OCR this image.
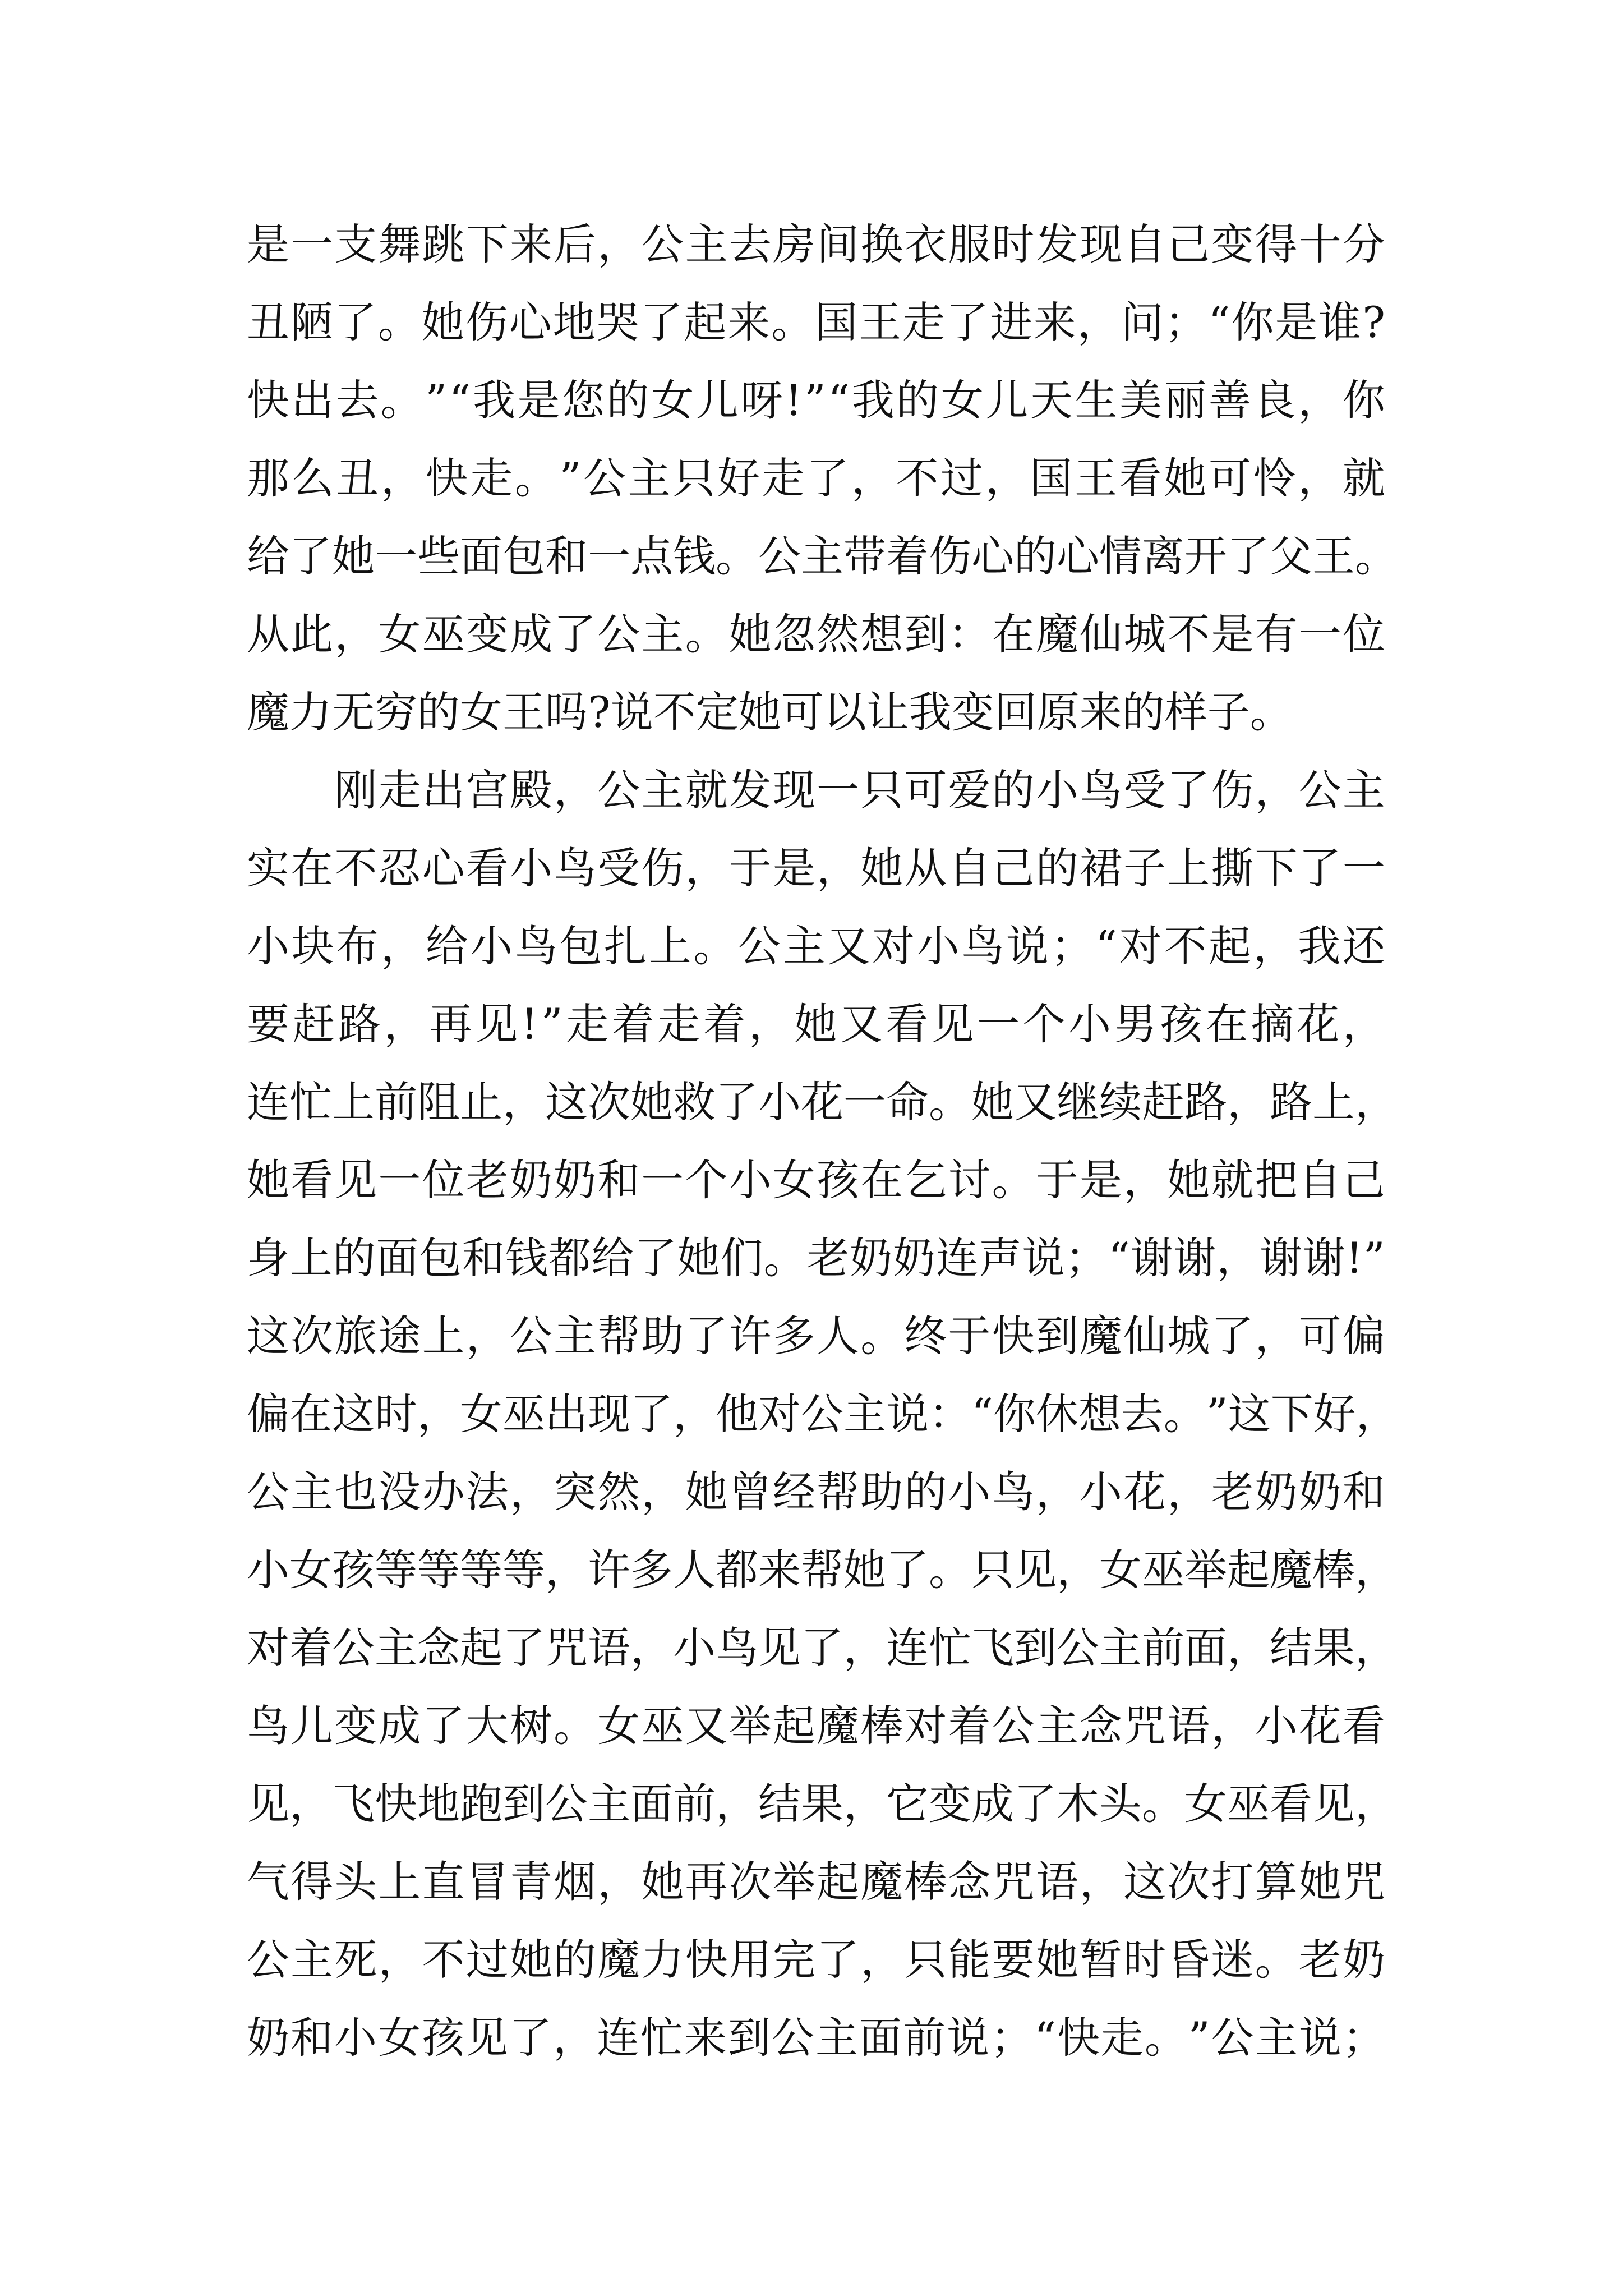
是 一 支 舞 跳 下 来 后 ， 公 主 去 房 间 换 衣 服 时 发 现 自 己 变 得 十 分
丑 陋 了 。 她 伤 心 地 哭 了 起 来 。 国 王 走 了 进 来 ， 问 ； “ 你 是 谁 ?
快 出 去 。 ” “ 我 是 您 的 女 儿 呀 ! ” “ 我 的 女 儿 天 生 美 丽 善 良 ， 你
那 么 丑 ， 快 走 。 ” 公 主 只 好 走 了 ， 不 过 ， 国 王 看 她 可 怜 ， 就
给 了 她 一 些 面 包 和 一 点 钱 。 公 主 带 着 伤 心 的 心 情 离 开 了 父 王 。
从 此 ， 女 巫 变 成 了 公 主 。 她 忽 然 想 到 ： 在 魔 仙 城 不 是 有 一 位
魔力无穷的女王吗?说不定她可以让我变回原来的样子。

刚 走 出 宫 殿 ， 公 主 就 发 现 一 只 可 爱 的 小 鸟 受 了 伤 ， 公 主
实 在 不 忍 心 看 小 鸟 受 伤 ， 于 是 ， 她 从 自 己 的 裙 子 上 撕 下 了 一
小 块 布 ， 给 小 鸟 包 扎 上 。 公 主 又 对 小 鸟 说 ； “ 对 不 起 ， 我 还
要 赶 路 ， 再 见 ! ” 走 着 走 着 ， 她 又 看 见 一 个 小 男 孩 在 摘 花 ，
连 忙 上 前 阻 止 ， 这 次 她 救 了 小 花 一 命 。 她 又 继 续 赶 路 ， 路 上 ，
她 看 见 一 位 老 奶 奶 和 一 个 小 女 孩 在 乞 讨 。 于 是 ， 她 就 把 自 己
身 上 的 面 包 和 钱 都 给 了 她 们 。 老 奶 奶 连 声 说 ； “ 谢 谢 ， 谢 谢 ! ”
这 次 旅 途 上 ， 公 主 帮 助 了 许 多 人 。 终 于 快 到 魔 仙 城 了 ， 可 偏
偏 在 这 时 ， 女 巫 出 现 了 ， 他 对 公 主 说 ： “ 你 休 想 去 。 ” 这 下 好 ，
公 主 也 没 办 法 ， 突 然 ， 她 曾 经 帮 助 的 小 鸟 ， 小 花 ， 老 奶 奶 和
小 女 孩 等 等 等 等 ， 许 多 人 都 来 帮 她 了 。 只 见 ， 女 巫 举 起 魔 棒 ，
对 着 公 主 念 起 了 咒 语 ， 小 鸟 见 了 ， 连 忙 飞 到 公 主 前 面 ， 结 果 ，
鸟 儿 变 成 了 大 树 。 女 巫 又 举 起 魔 棒 对 着 公 主 念 咒 语 ， 小 花 看
见 ， 飞 快 地 跑 到 公 主 面 前 ， 结 果 ， 它 变 成 了 木 头 。 女 巫 看 见 ，
气 得 头 上 直 冒 青 烟 ， 她 再 次 举 起 魔 棒 念 咒 语 ， 这 次 打 算 她 咒
公 主 死 ， 不 过 她 的 魔 力 快 用 完 了 ， 只 能 要 她 暂 时 昏 迷 。 老 奶
奶 和 小 女 孩 见 了 ， 连 忙 来 到 公 主 面 前 说 ； “ 快 走 。 ” 公 主 说 ；
